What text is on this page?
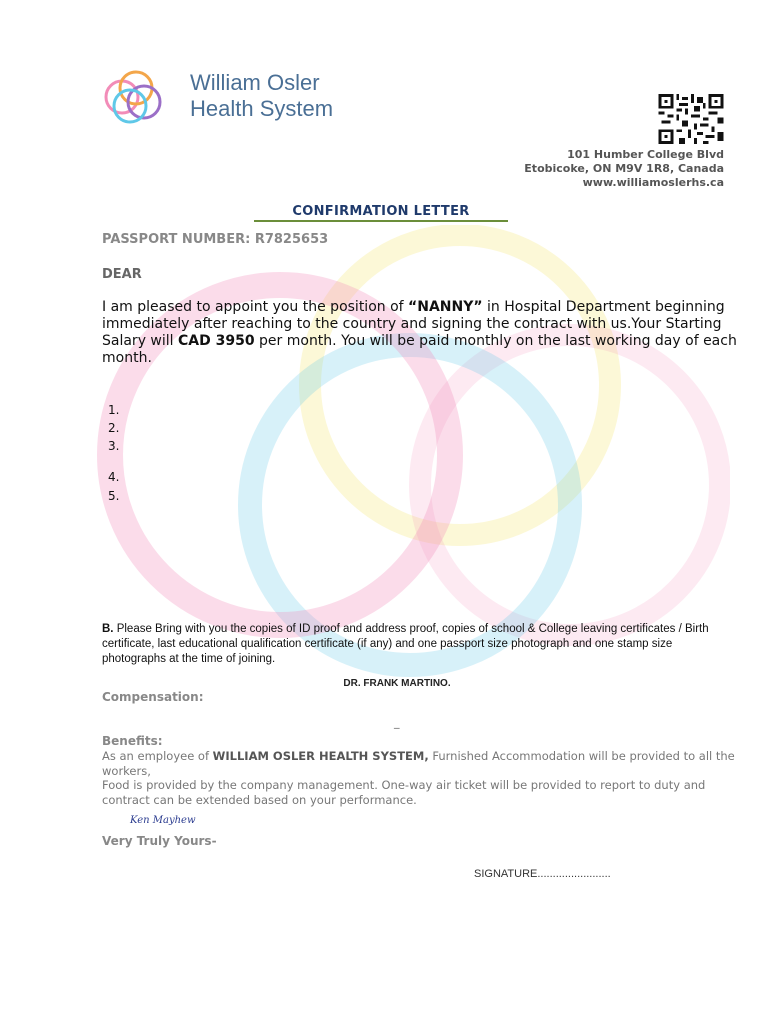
William Osler
Health System
101 Humber College Blvd
Etobicoke, ON M9V 1R8, Canada
www.williamoslerhs.ca
CONFIRMATION LETTER
PASSPORT NUMBER: R7825653
DEAR
I am pleased to appoint you the position of “NANNY” in Hospital Department beginning immediately after reaching to the country and signing the contract with us.Your Starting Salary will CAD 3950 per month. You will be paid monthly on the last working day of each month.
1.
2.
3.
4.
5.
B. Please Bring with you the copies of ID proof and address proof, copies of school & College leaving certificates / Birth certificate, last educational qualification certificate (if any) and one passport size photograph and one stamp size photographs at the time of joining.
DR. FRANK MARTINO.
Compensation:
_
Benefits:
As an employee of WILLIAM OSLER HEALTH SYSTEM, Furnished Accommodation will be provided to all the workers,
Food is provided by the company management. One-way air ticket will be provided to report to duty and contract can be extended based on your performance.
Ken Mayhew
Very Truly Yours-
SIGNATURE........................
